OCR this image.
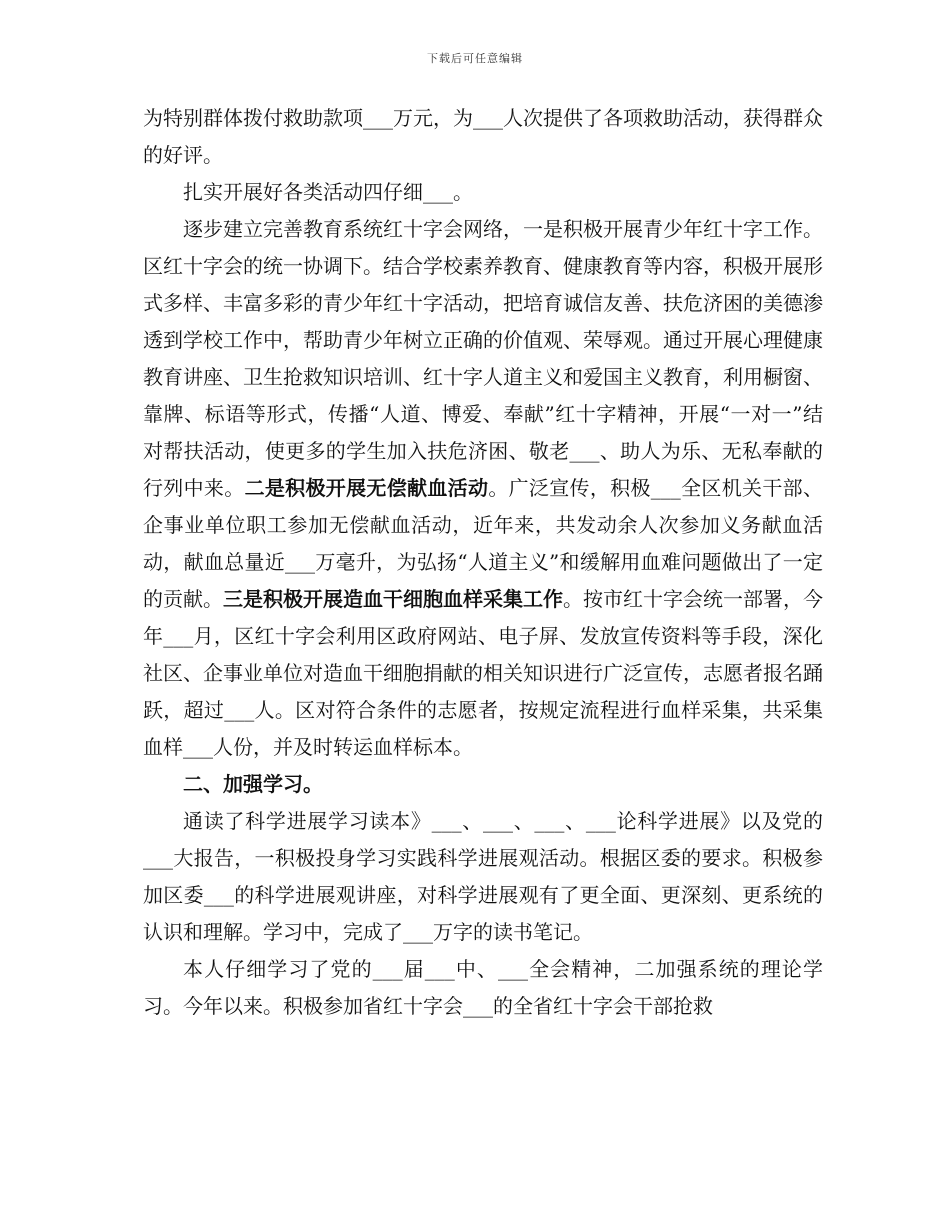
下载后可任意编辑

为特别群体拨付救助款项___万元，为___人次提供了各项救助活动，获得群众的好评。

扎实开展好各类活动四仔细___。

逐步建立完善教育系统红十字会网络，一是积极开展青少年红十字工作。区红十字会的统一协调下。结合学校素养教育、健康教育等内容，积极开展形式多样、丰富多彩的青少年红十字活动，把培育诚信友善、扶危济困的美德渗透到学校工作中，帮助青少年树立正确的价值观、荣辱观。通过开展心理健康教育讲座、卫生抢救知识培训、红十字人道主义和爱国主义教育，利用橱窗、靠牌、标语等形式，传播“人道、博爱、奉献”红十字精神，开展“一对一”结对帮扶活动，使更多的学生加入扶危济困、敬老___、助人为乐、无私奉献的行列中来。二是积极开展无偿献血活动。广泛宣传，积极___全区机关干部、企事业单位职工参加无偿献血活动，近年来，共发动余人次参加义务献血活动，献血总量近___万毫升，为弘扬“人道主义”和缓解用血难问题做出了一定的贡献。三是积极开展造血干细胞血样采集工作。按市红十字会统一部署，今年___月，区红十字会利用区政府网站、电子屏、发放宣传资料等手段，深化社区、企事业单位对造血干细胞捐献的相关知识进行广泛宣传，志愿者报名踊跃，超过___人。区对符合条件的志愿者，按规定流程进行血样采集，共采集血样___人份，并及时转运血样标本。

二、加强学习。

通读了科学进展学习读本》___、___、___、___论科学进展》以及党的___大报告，一积极投身学习实践科学进展观活动。根据区委的要求。积极参加区委___的科学进展观讲座，对科学进展观有了更全面、更深刻、更系统的认识和理解。学习中，完成了___万字的读书笔记。

本人仔细学习了党的___届___中、___全会精神，二加强系统的理论学习。今年以来。积极参加省红十字会___的全省红十字会干部抢救
